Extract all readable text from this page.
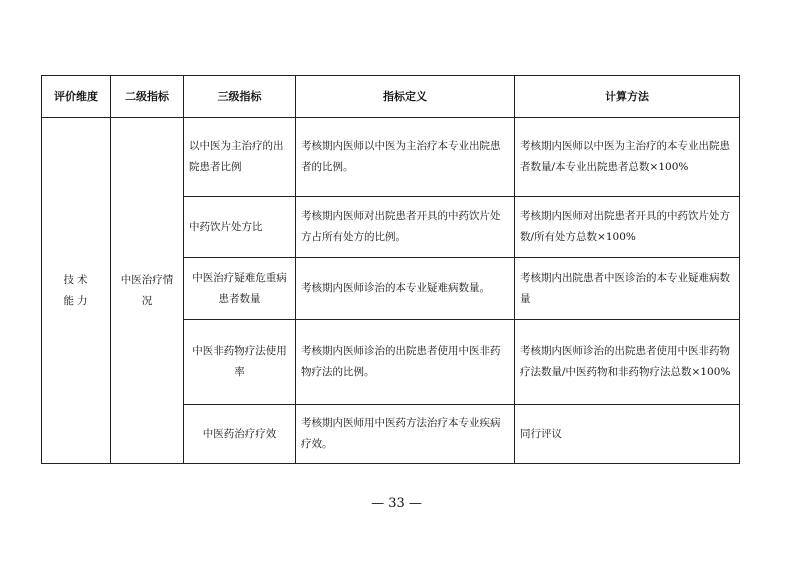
评价维度	二级指标	三级指标	指标定义	计算方法
技术能力	中医治疗情况	以中医为主治疗的出院患者比例	考核期内医师以中医为主治疗本专业出院患者的比例。	考核期内医师以中医为主治疗的本专业出院患者数量/本专业出院患者总数×100%
		中药饮片处方比	考核期内医师对出院患者开具的中药饮片处方占所有处方的比例。	考核期内医师对出院患者开具的中药饮片处方数/所有处方总数×100%
		中医治疗疑难危重病患者数量	考核期内医师诊治的本专业疑难病数量。	考核期内出院患者中医诊治的本专业疑难病数量
		中医非药物疗法使用率	考核期内医师诊治的出院患者使用中医非药物疗法的比例。	考核期内医师诊治的出院患者使用中医非药物疗法数量/中医药物和非药物疗法总数×100%
		中医药治疗疗效	考核期内医师用中医药方法治疗本专业疾病疗效。	同行评议
— 33 —
